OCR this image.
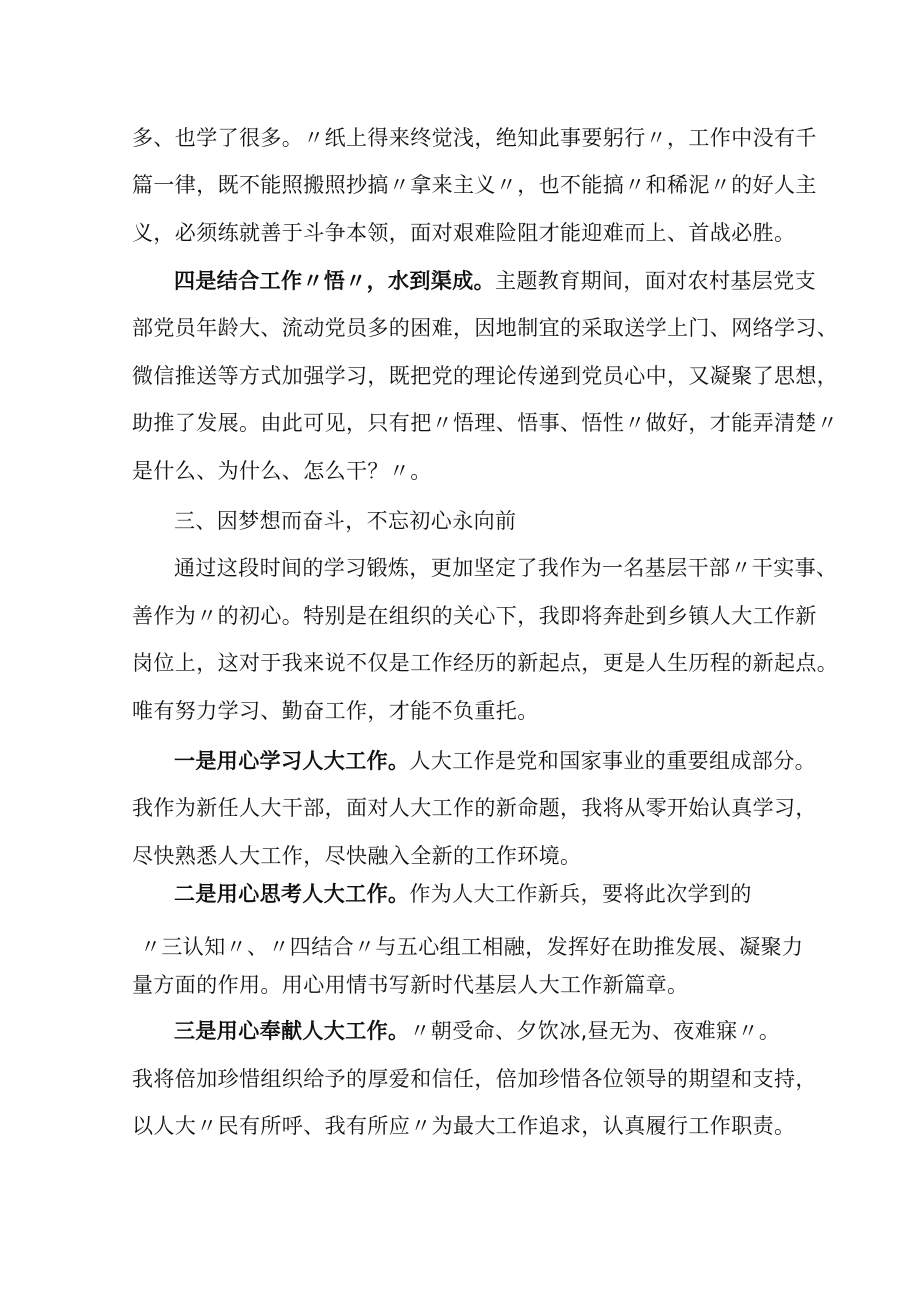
多、也学了很多。〃纸上得来终觉浅，绝知此事要躬行〃，工作中没有千
篇一律，既不能照搬照抄搞〃拿来主义〃，也不能搞〃和稀泥〃的好人主
义，必须练就善于斗争本领，面对艰难险阻才能迎难而上、首战必胜。
四是结合工作〃悟〃，水到渠成。主题教育期间，面对农村基层党支
部党员年龄大、流动党员多的困难，因地制宜的采取送学上门、网络学习、
微信推送等方式加强学习，既把党的理论传递到党员心中，又凝聚了思想，
助推了发展。由此可见，只有把〃悟理、悟事、悟性〃做好，才能弄清楚〃
是什么、为什么、怎么干？〃。
三、因梦想而奋斗，不忘初心永向前
通过这段时间的学习锻炼，更加坚定了我作为一名基层干部〃干实事、
善作为〃的初心。特别是在组织的关心下，我即将奔赴到乡镇人大工作新
岗位上，这对于我来说不仅是工作经历的新起点，更是人生历程的新起点。
唯有努力学习、勤奋工作，才能不负重托。
一是用心学习人大工作。人大工作是党和国家事业的重要组成部分。
我作为新任人大干部，面对人大工作的新命题，我将从零开始认真学习，
尽快熟悉人大工作，尽快融入全新的工作环境。
二是用心思考人大工作。作为人大工作新兵，要将此次学到的
〃三认知〃、〃四结合〃与五心组工相融，发挥好在助推发展、凝聚力
量方面的作用。用心用情书写新时代基层人大工作新篇章。
三是用心奉献人大工作。〃朝受命、夕饮冰,昼无为、夜难寐〃。
我将倍加珍惜组织给予的厚爱和信任，倍加珍惜各位领导的期望和支持，
以人大〃民有所呼、我有所应〃为最大工作追求，认真履行工作职责。
